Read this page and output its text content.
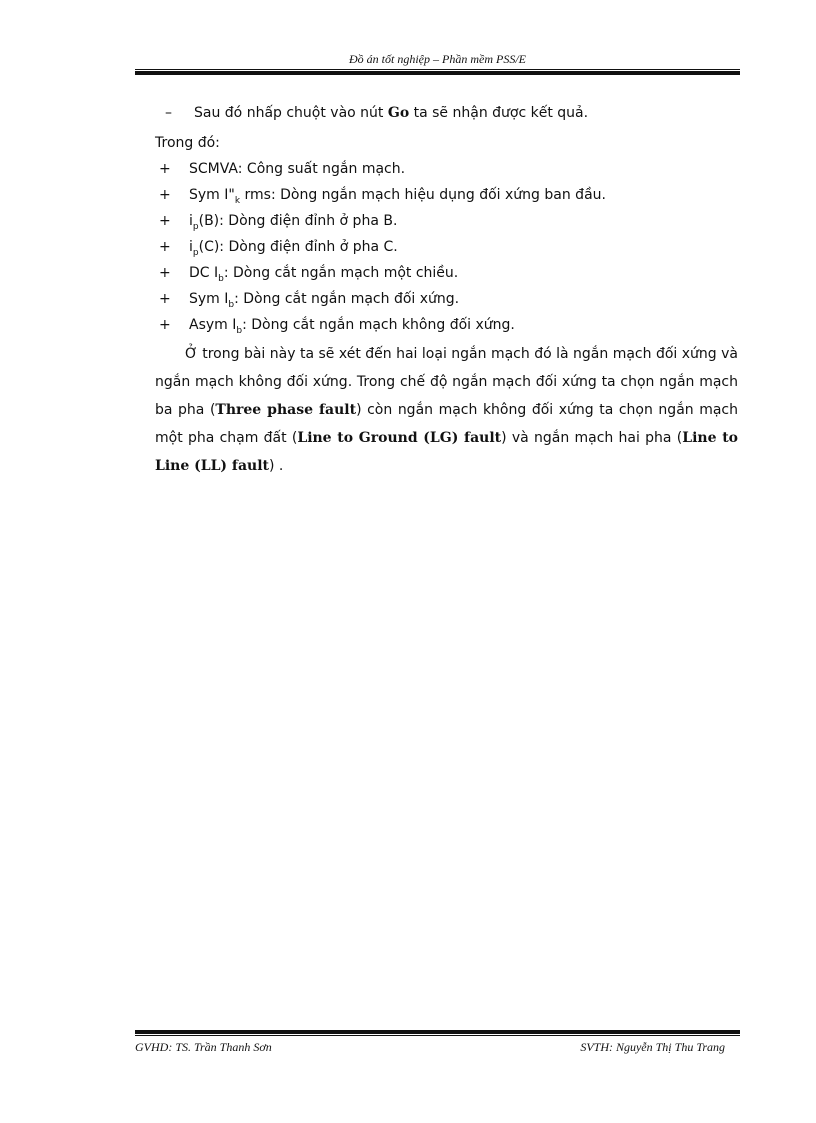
Đồ án tốt nghiệp – Phần mềm PSS/E
– Sau đó nhấp chuột vào nút Go ta sẽ nhận được kết quả.
Trong đó:
+ SCMVA: Công suất ngắn mạch.
+ Sym $I"_k$ rms: Dòng ngắn mạch hiệu dụng đối xứng ban đầu.
+ $i_p(B)$: Dòng điện đỉnh ở pha B.
+ $i_p(C)$: Dòng điện đỉnh ở pha C.
+ DC $I_b$: Dòng cắt ngắn mạch một chiều.
+ Sym $I_b$: Dòng cắt ngắn mạch đối xứng.
+ Asym $I_b$: Dòng cắt ngắn mạch không đối xứng.

Ở trong bài này ta sẽ xét đến hai loại ngắn mạch đó là ngắn mạch đối xứng và ngắn mạch không đối xứng. Trong chế độ ngắn mạch đối xứng ta chọn ngắn mạch ba pha (Three phase fault) còn ngắn mạch không đối xứng ta chọn ngắn mạch một pha chạm đất (Line to Ground (LG) fault) và ngắn mạch hai pha (Line to Line (LL) fault) .

GVHD: TS. Trần Thanh Sơn	SVTH: Nguyễn Thị Thu Trang
